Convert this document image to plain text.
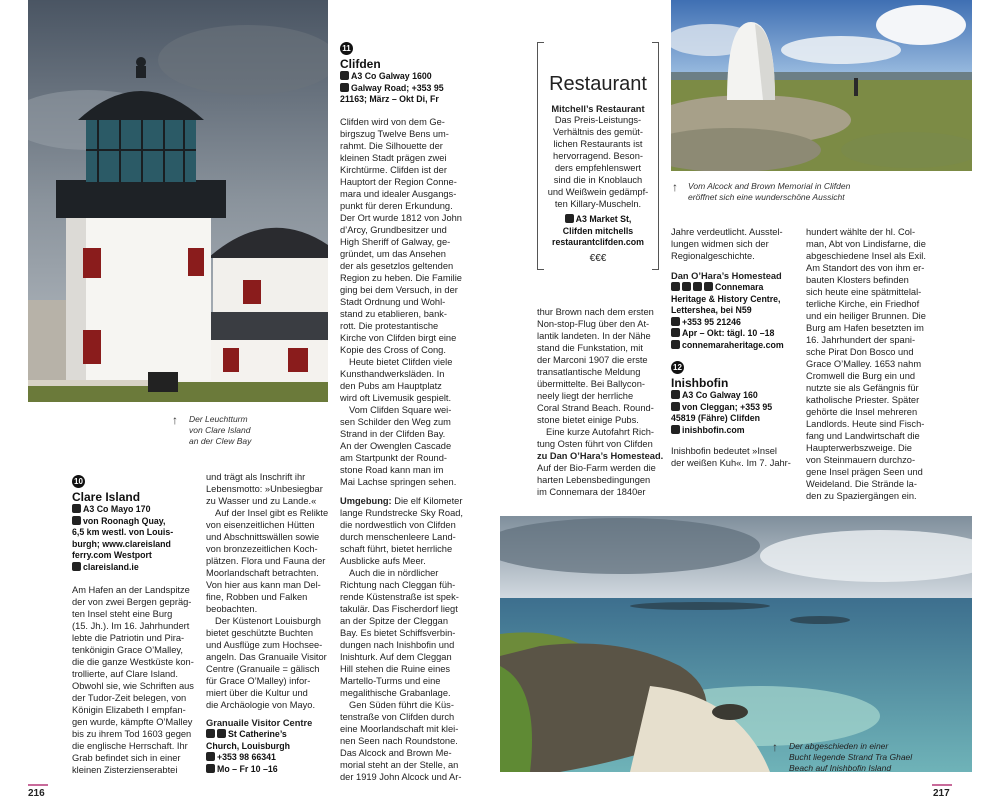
↑ Der Leuchtturm
von Clare Island
an der Clew Bay
10
Clare Island
A3 Co Mayo 170
von Roonagh Quay,
6,5 km westl. von Louis-
burgh; www.clareisland
ferry.com Westport
clareisland.ie

Am Hafen an der Landspitze
der von zwei Bergen gepräg-
ten Insel steht eine Burg
(15. Jh.). Im 16. Jahrhundert
lebte die Patriotin und Pira-
tenkönigin Grace O’Malley,
die die ganze Westküste kon-
trollierte, auf Clare Island.
Obwohl sie, wie Schriften aus
der Tudor-Zeit belegen, von
Königin Elizabeth I empfan-
gen wurde, kämpfte O’Malley
bis zu ihrem Tod 1603 gegen
die englische Herrschaft. Ihr
Grab befindet sich in einer
kleinen Zisterzienserabtei

und trägt als Inschrift ihr
Lebensmotto: »Unbesiegbar
zu Wasser und zu Lande.«

Auf der Insel gibt es Relikte
von eisenzeitlichen Hütten
und Abschnittswällen sowie
von bronzezeitlichen Koch-
plätzen. Flora und Fauna der
Moorlandschaft betrachten.
Von hier aus kann man Del-
fine, Robben und Falken
beobachten.

Der Küstenort Louisburgh
bietet geschützte Buchten
und Ausflüge zum Hochsee-
angeln. Das Granuaile Visitor
Centre (Granuaile = gälisch
für Grace O’Malley) infor-
miert über die Kultur und
die Archäologie von Mayo.

Granuaile Visitor Centre
St Catherine’s
Church, Louisburgh
+353 98 66341
Mo – Fr 10 –16
11
Clifden
A3 Co Galway 1600
Galway Road; +353 95
21163; März – Okt Di, Fr

Clifden wird von dem Ge-
birgszug Twelve Bens um-
rahmt. Die Silhouette der
kleinen Stadt prägen zwei
Kirchtürme. Clifden ist der
Hauptort der Region Conne-
mara und idealer Ausgangs-
punkt für deren Erkundung.
Der Ort wurde 1812 von John
d’Arcy, Grundbesitzer und
High Sheriff of Galway, ge-
gründet, um das Ansehen
der als gesetzlos geltenden
Region zu heben. Die Familie
ging bei dem Versuch, in der
Stadt Ordnung und Wohl-
stand zu etablieren, bank-
rott. Die protestantische
Kirche von Clifden birgt eine
Kopie des Cross of Cong.

Heute bietet Clifden viele
Kunsthandwerksläden. In
den Pubs am Hauptplatz
wird oft Livemusik gespielt.

Vom Clifden Square wei-
sen Schilder den Weg zum
Strand in der Clifden Bay.
An der Owenglen Cascade
am Startpunkt der Round-
stone Road kann man im
Mai Lachse springen sehen.

Umgebung: Die elf Kilometer
lange Rundstrecke Sky Road,
die nordwestlich von Clifden
durch menschenleere Land-
schaft führt, bietet herrliche
Ausblicke aufs Meer.

Auch die in nördlicher
Richtung nach Cleggan füh-
rende Küstenstraße ist spek-
takulär. Das Fischerdorf liegt
an der Spitze der Cleggan
Bay. Es bietet Schiffsverbin-
dungen nach Inishbofin und
Inishturk. Auf dem Cleggan
Hill stehen die Ruine eines
Martello-Turms und eine
megalithische Grabanlage.

Gen Süden führt die Küs-
tenstraße von Clifden durch
eine Moorlandschaft mit klei-
nen Seen nach Roundstone.
Das Alcock and Brown Me-
morial steht an der Stelle, an
der 1919 John Alcock und Ar-

Restaurant
Mitchell’s Restaurant
Das Preis-Leistungs-
Verhältnis des gemüt-
lichen Restaurants ist
hervorragend. Beson-
ders empfehlenswert
sind die in Knoblauch
und Weißwein gedämpf-
ten Killary-Muscheln.
A3 Market St,
Clifden mitchells
restaurantclifden.com
€€€
↑ Vom Alcock and Brown Memorial in Clifden
eröffnet sich eine wunderschöne Aussicht

thur Brown nach dem ersten
Non-stop-Flug über den At-
lantik landeten. In der Nähe
stand die Funkstation, mit
der Marconi 1907 die erste
transatlantische Meldung
übermittelte. Bei Ballycon-
neely liegt der herrliche
Coral Strand Beach. Round-
stone bietet einige Pubs.

Eine kurze Autofahrt Rich-
tung Osten führt von Clifden
zu Dan O’Hara’s Homestead.
Auf der Bio-Farm werden die
harten Lebensbedingungen
im Connemara der 1840er

Jahre verdeutlicht. Ausstel-
lungen widmen sich der
Regionalgeschichte.

Dan O’Hara’s Homestead
Connemara
Heritage & History Centre,
Lettershea, bei N59
+353 95 21246
Apr – Okt: tägl. 10 –18
connemaraheritage.com
12
Inishbofin
A3 Co Galway 160
von Cleggan; +353 95
45819 (Fähre) Clifden
inishbofin.com

Inishbofin bedeutet »Insel
der weißen Kuh«. Im 7. Jahr-

hundert wählte der hl. Col-
man, Abt von Lindisfarne, die
abgeschiedene Insel als Exil.
Am Standort des von ihm er-
bauten Klosters befinden
sich heute eine spätmittelal-
terliche Kirche, ein Friedhof
und ein heiliger Brunnen. Die
Burg am Hafen besetzten im
16. Jahrhundert der spani-
sche Pirat Don Bosco und
Grace O’Malley. 1653 nahm
Cromwell die Burg ein und
nutzte sie als Gefängnis für
katholische Priester. Später
gehörte die Insel mehreren
Landlords. Heute sind Fisch-
fang und Landwirtschaft die
Haupterwerbszweige. Die
von Steinmauern durchzo-
gene Insel prägen Seen und
Weideland. Die Strände la-
den zu Spaziergängen ein.

↑ Der abgeschieden in einer
Bucht liegende Strand Tra Ghael
Beach auf Inishbofin Island
216	217
